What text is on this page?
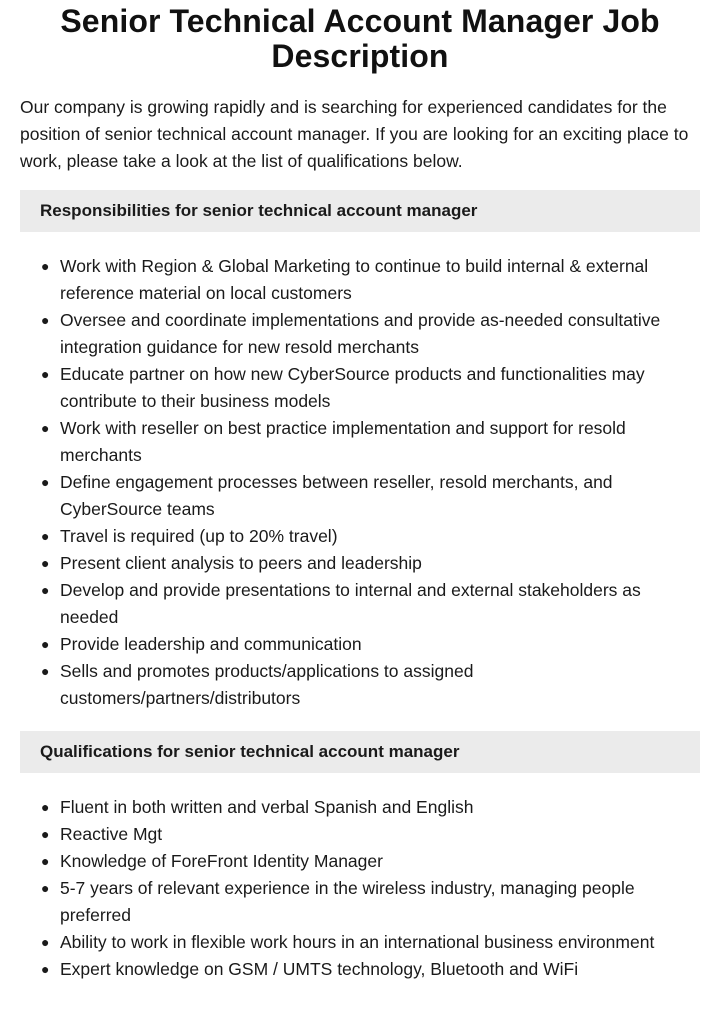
Senior Technical Account Manager Job Description

Our company is growing rapidly and is searching for experienced candidates for the position of senior technical account manager. If you are looking for an exciting place to work, please take a look at the list of qualifications below.

Responsibilities for senior technical account manager
● Work with Region & Global Marketing to continue to build internal & external reference material on local customers
● Oversee and coordinate implementations and provide as-needed consultative integration guidance for new resold merchants
● Educate partner on how new CyberSource products and functionalities may contribute to their business models
● Work with reseller on best practice implementation and support for resold merchants
● Define engagement processes between reseller, resold merchants, and CyberSource teams
● Travel is required (up to 20% travel)
● Present client analysis to peers and leadership
● Develop and provide presentations to internal and external stakeholders as needed
● Provide leadership and communication
● Sells and promotes products/applications to assigned customers/partners/distributors
Qualifications for senior technical account manager
● Fluent in both written and verbal Spanish and English
● Reactive Mgt
● Knowledge of ForeFront Identity Manager
● 5-7 years of relevant experience in the wireless industry, managing people preferred
● Ability to work in flexible work hours in an international business environment
● Expert knowledge on GSM / UMTS technology, Bluetooth and WiFi
